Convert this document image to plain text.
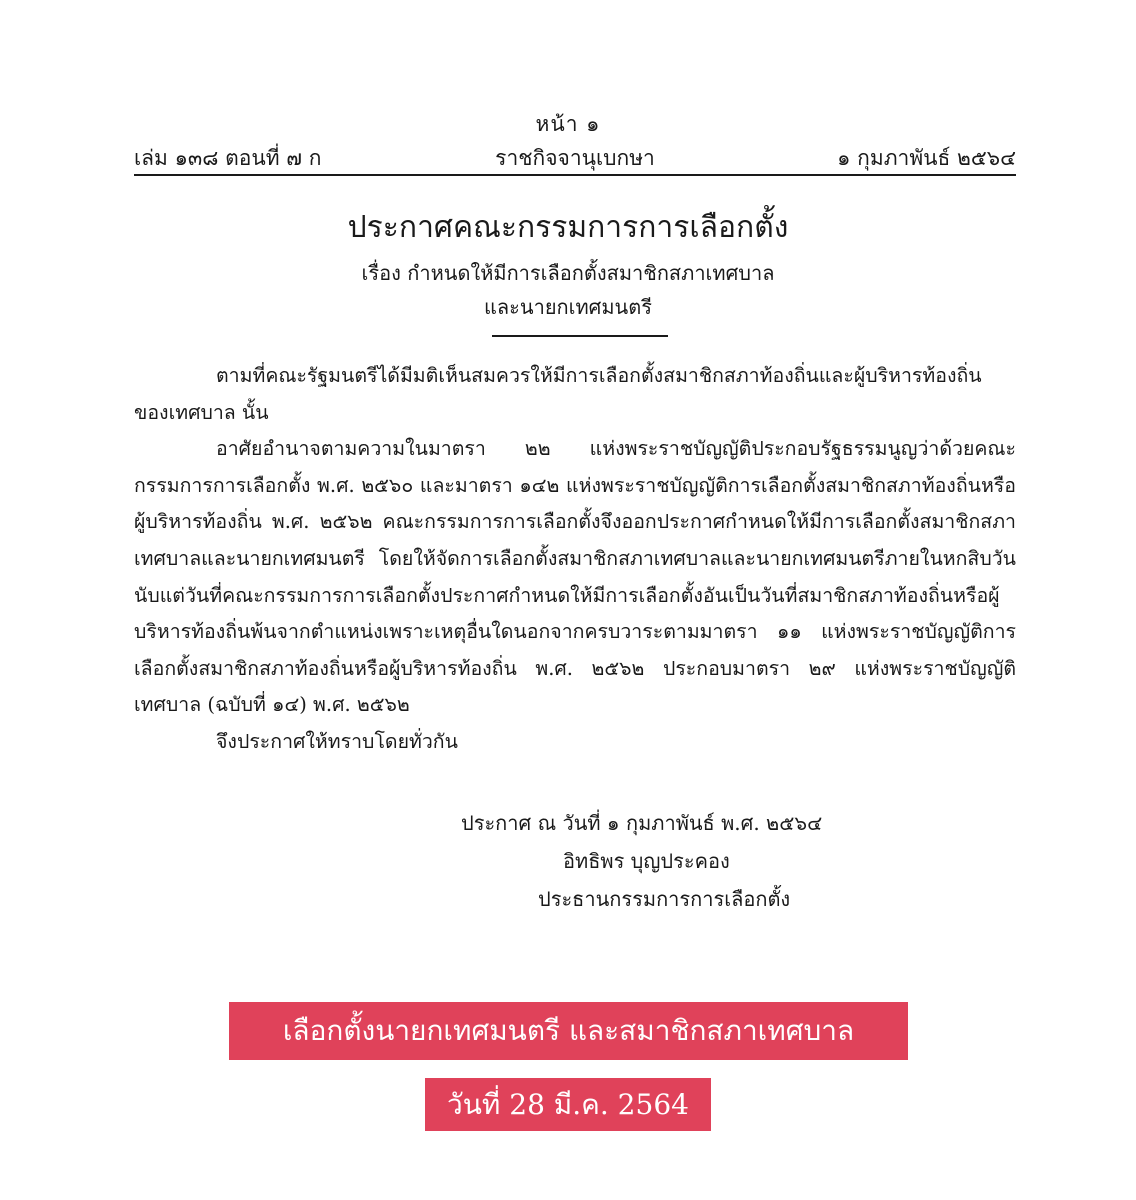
หน้า ๑
เล่ม ๑๓๘ ตอนที่ ๗ ก	ราชกิจจานุเบกษา	๑ กุมภาพันธ์ ๒๕๖๔
ประกาศคณะกรรมการการเลือกตั้ง
เรื่อง กำหนดให้มีการเลือกตั้งสมาชิกสภาเทศบาล
และนายกเทศมนตรี

ตามที่คณะรัฐมนตรีได้มีมติเห็นสมควรให้มีการเลือกตั้งสมาชิกสภาท้องถิ่นและผู้บริหารท้องถิ่นของเทศบาล นั้น

อาศัยอำนาจตามความในมาตรา ๒๒ แห่งพระราชบัญญัติประกอบรัฐธรรมนูญว่าด้วยคณะกรรมการการเลือกตั้ง พ.ศ. ๒๕๖๐ และมาตรา ๑๔๒ แห่งพระราชบัญญัติการเลือกตั้งสมาชิกสภาท้องถิ่นหรือผู้บริหารท้องถิ่น พ.ศ. ๒๕๖๒ คณะกรรมการการเลือกตั้งจึงออกประกาศกำหนดให้มีการเลือกตั้งสมาชิกสภาเทศบาลและนายกเทศมนตรี โดยให้จัดการเลือกตั้งสมาชิกสภาเทศบาลและนายกเทศมนตรีภายในหกสิบวันนับแต่วันที่คณะกรรมการการเลือกตั้งประกาศกำหนดให้มีการเลือกตั้งอันเป็นวันที่สมาชิกสภาท้องถิ่นหรือผู้บริหารท้องถิ่นพ้นจากตำแหน่งเพราะเหตุอื่นใดนอกจากครบวาระตามมาตรา ๑๑ แห่งพระราชบัญญัติการเลือกตั้งสมาชิกสภาท้องถิ่นหรือผู้บริหารท้องถิ่น พ.ศ. ๒๕๖๒ ประกอบมาตรา ๒๙ แห่งพระราชบัญญัติเทศบาล (ฉบับที่ ๑๔) พ.ศ. ๒๕๖๒

จึงประกาศให้ทราบโดยทั่วกัน

ประกาศ ณ วันที่ ๑ กุมภาพันธ์ พ.ศ. ๒๕๖๔
อิทธิพร บุญประคอง
ประธานกรรมการการเลือกตั้ง
เลือกตั้งนายกเทศมนตรี และสมาชิกสภาเทศบาล
วันที่ 28 มี.ค. 2564
